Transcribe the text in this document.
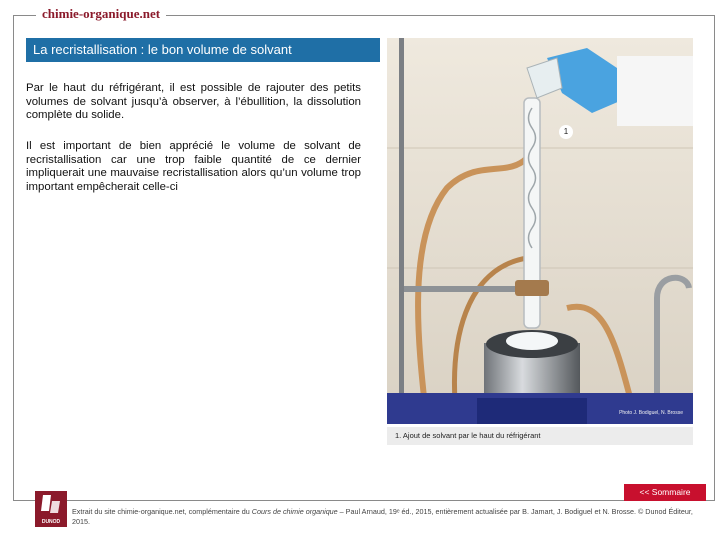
chimie-organique.net
La recristallisation : le bon volume de solvant

Par le haut du réfrigérant, il est possible de rajouter des petits volumes de solvant jusqu’à observer, à l’ébullition, la dissolution complète du solide.

Il est important de bien apprécié le volume de solvant de recristallisation car une trop faible quantité de ce dernier impliquerait une mauvaise recristallisation alors qu’un volume trop important empêcherait celle-ci

1
Photo J. Bodiguel, N. Brosse
1. Ajout de solvant par le haut du réfrigérant
<< Sommaire
DUNOD

Extrait du site chimie-organique.net, complémentaire du Cours de chimie organique – Paul Arnaud, 19ᵉ éd., 2015, entièrement actualisée par B. Jamart, J. Bodiguel et N. Brosse. © Dunod Éditeur, 2015.
